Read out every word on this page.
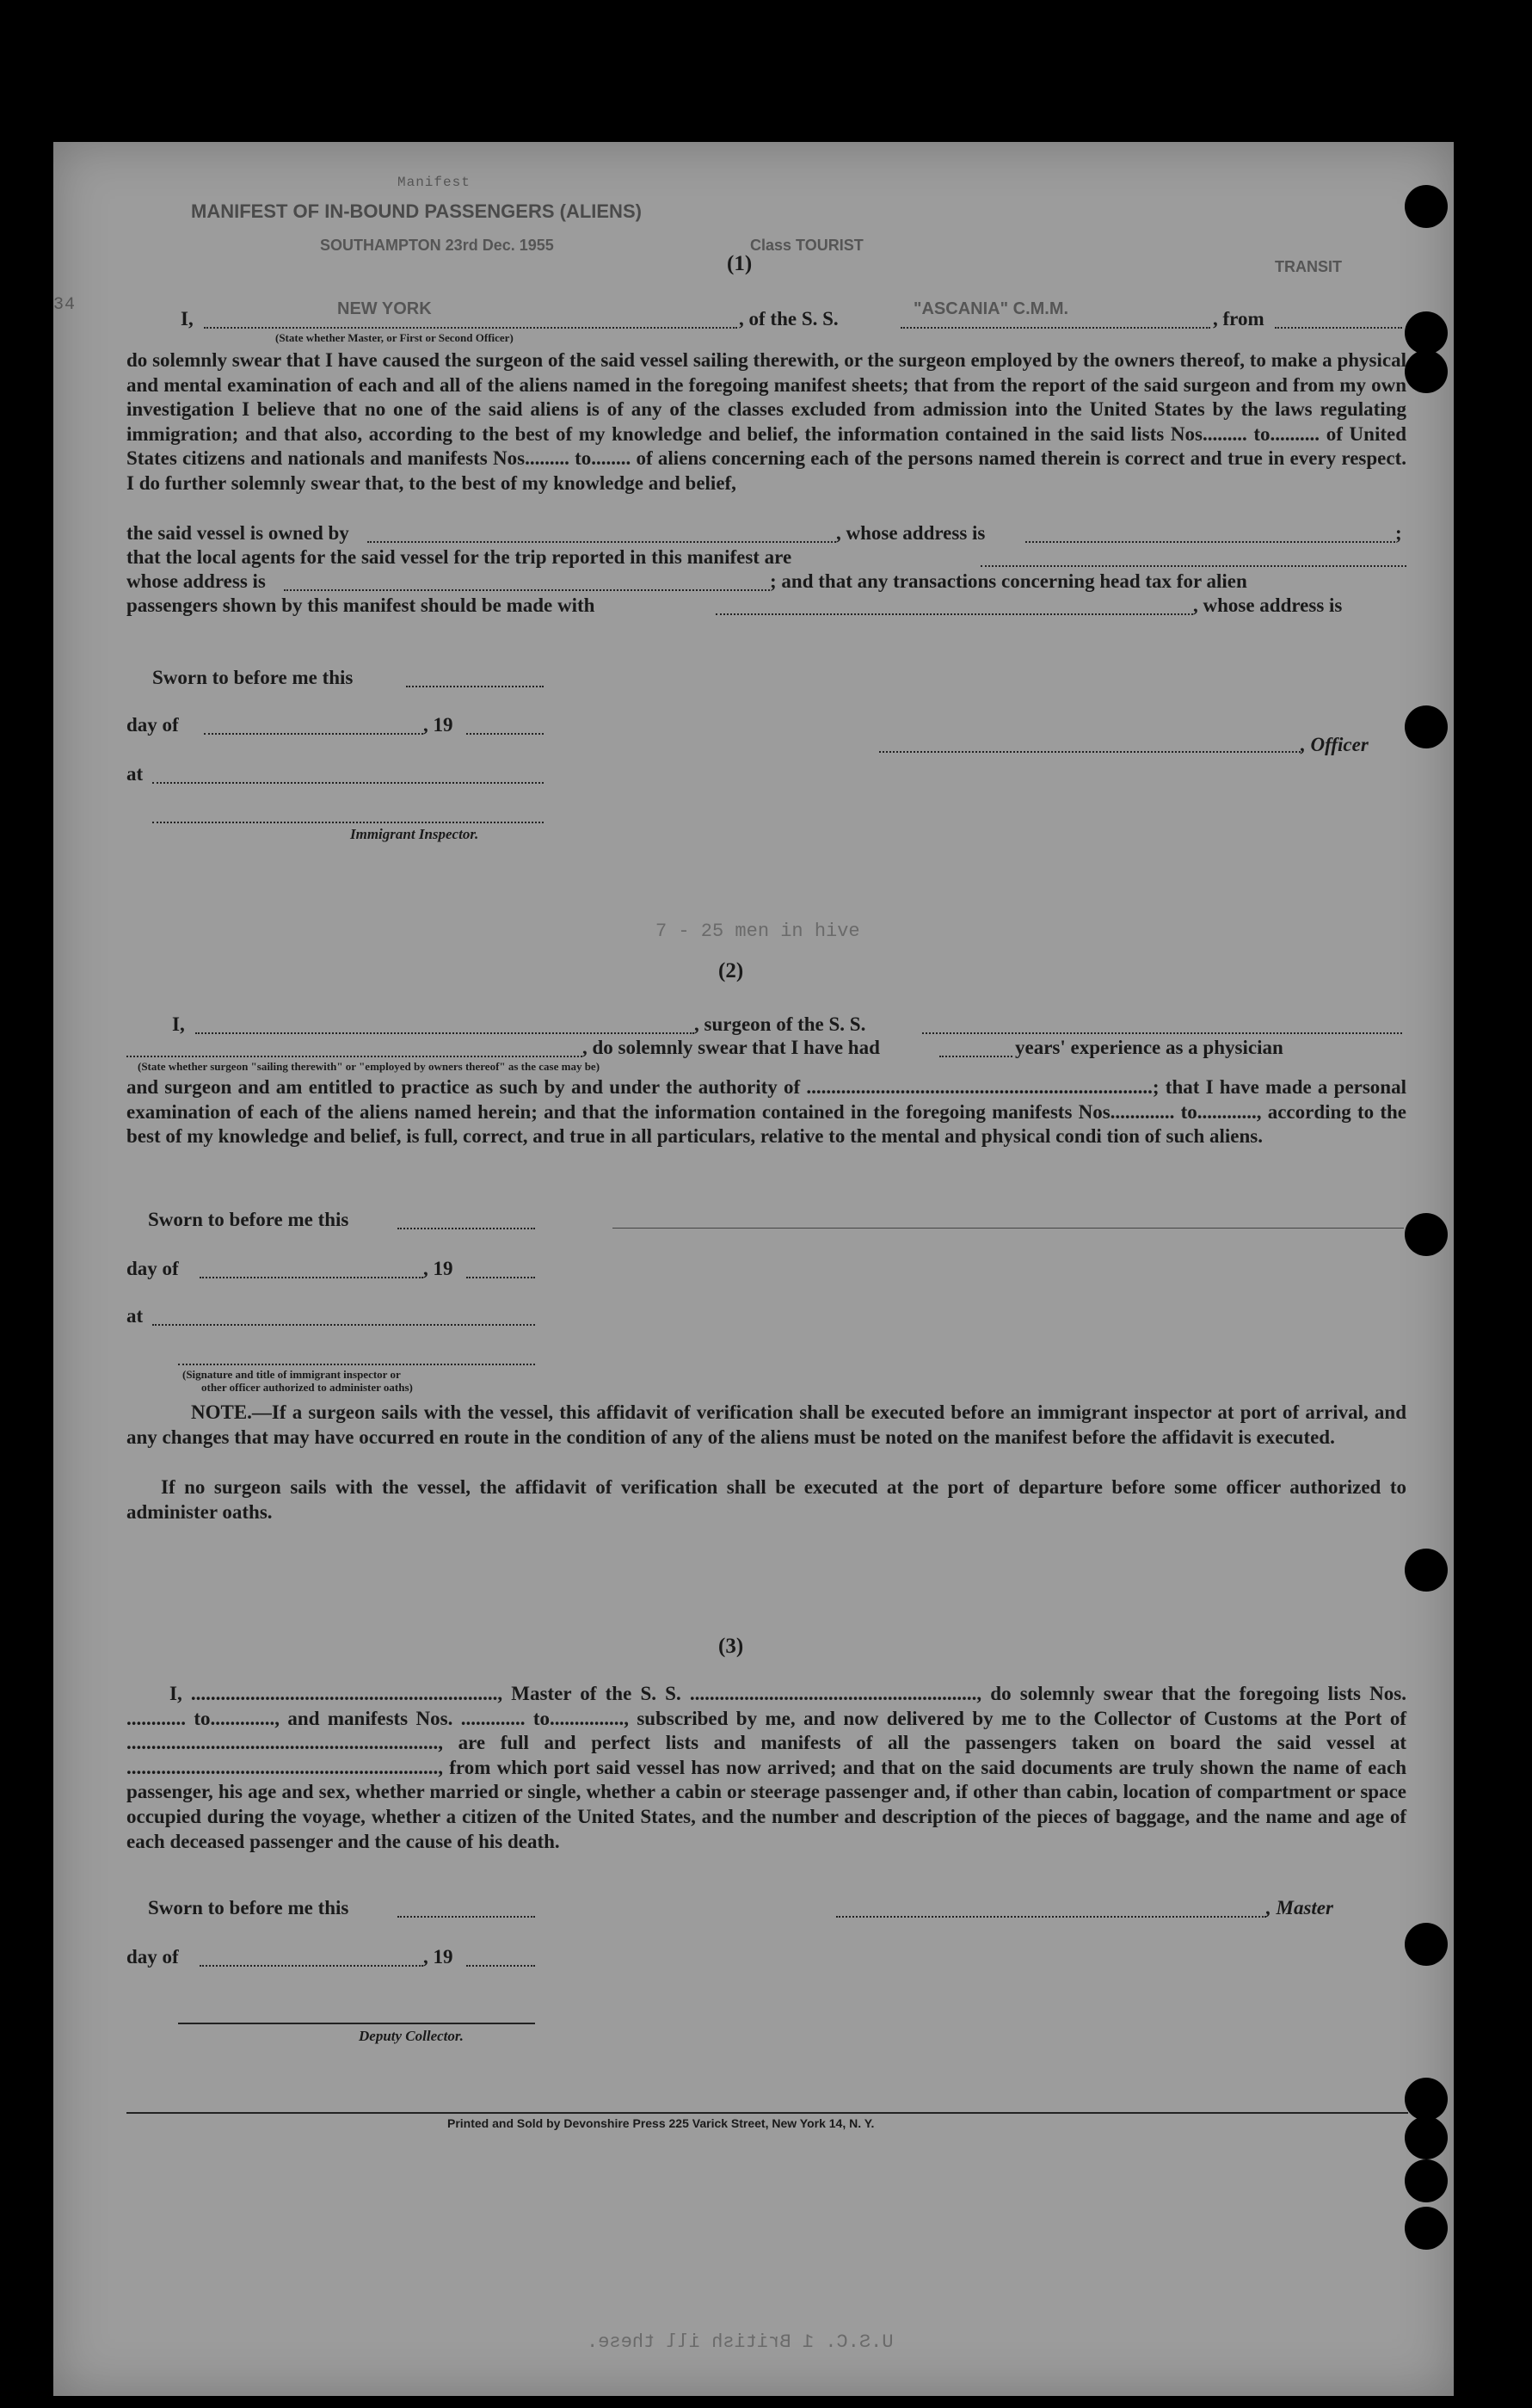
MANIFEST OF IN-BOUND PASSENGERS (ALIENS)
SOUTHAMPTON 23rd Dec. 1955	Class TOURIST
NEW YORK	"ASCANIA" C.M.M.
TRANSIT
Manifest
34
(1)
I,	, of the S. S.	, from
(State whether Master, or First or Second Officer)
do solemnly swear that I have caused the surgeon of the said vessel sailing therewith, or the surgeon employed by the owners thereof, to make a physical and mental examination of each and all of the aliens named in the foregoing manifest sheets; that from the report of the said surgeon and from my own investigation I believe that no one of the said aliens is of any of the classes excluded from admission into the United States by the laws regulating immigration; and that also, according to the best of my knowledge and belief, the information contained in the said lists Nos......... to.......... of United States citizens and nationals and manifests Nos......... to........ of aliens concerning each of the persons named therein is correct and true in every respect. I do further solemnly swear that, to the best of my knowledge and belief,
the said vessel is owned by	, whose address is	;
that the local agents for the said vessel for the trip reported in this manifest are
whose address is	; and that any transactions concerning head tax for alien
passengers shown by this manifest should be made with	, whose address is
Sworn to before me this
day of	, 19
at
Immigrant Inspector.
, Officer
7 - 25 men in hive
(2)
I,	, surgeon of the S. S.
, do solemnly swear that I have had	years' experience as a physician
(State whether surgeon "sailing therewith" or "employed by owners thereof" as the case may be)
and surgeon and am entitled to practice as such by and under the authority of ......................................................................; that I have made a personal examination of each of the aliens named herein; and that the information contained in the foregoing manifests Nos............. to............, according to the best of my knowledge and belief, is full, correct, and true in all particulars, relative to the mental and physical condi tion of such aliens.
Sworn to before me this
day of	, 19
at
(Signature and title of immigrant inspector or
other officer authorized to administer oaths)
NOTE.—If a surgeon sails with the vessel, this affidavit of verification shall be executed before an immigrant inspector at port of arrival, and any changes that may have occurred en route in the condition of any of the aliens must be noted on the manifest before the affidavit is executed.
If no surgeon sails with the vessel, the affidavit of verification shall be executed at the port of departure before some officer authorized to administer oaths.
(3)
I, .............................................................., Master of the S. S. .........................................................., do solemnly swear that the foregoing lists Nos. ............ to............., and manifests Nos. ............. to..............., subscribed by me, and now delivered by me to the Collector of Customs at the Port of ..............................................................., are full and perfect lists and manifests of all the passengers taken on board the said vessel at ..............................................................., from which port said vessel has now arrived; and that on the said documents are truly shown the name of each passenger, his age and sex, whether married or single, whether a cabin or steerage passenger and, if other than cabin, location of compartment or space occupied during the voyage, whether a citizen of the United States, and the number and description of the pieces of baggage, and the name and age of each deceased passenger and the cause of his death.
Sworn to before me this	, Master
day of	, 19
Deputy Collector.
Printed and Sold by Devonshire Press 225 Varick Street, New York 14, N. Y.
U.S.C. 1 British ill these.
